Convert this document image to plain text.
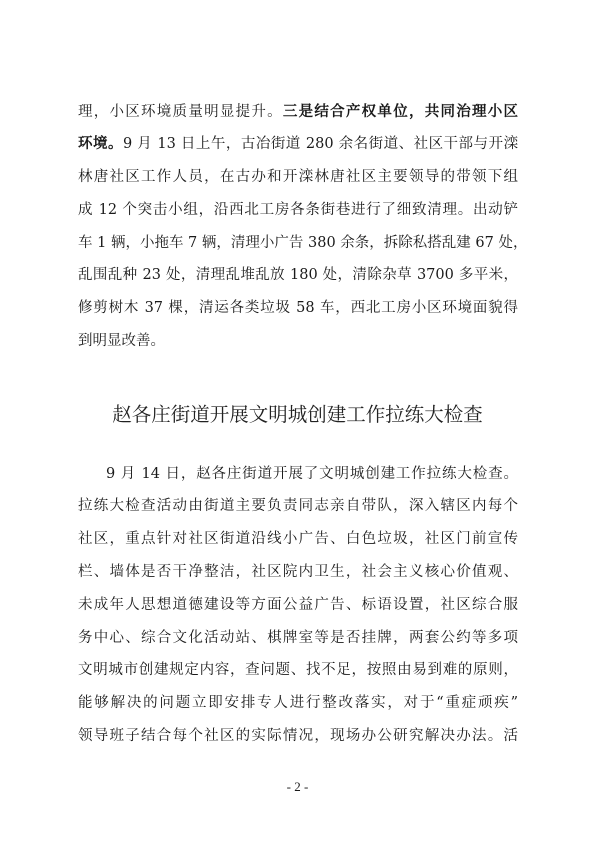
理，小区环境质量明显提升。三是结合产权单位，共同治理小区
环境。9 月 13 日上午，古冶街道 280 余名街道、社区干部与开滦
林唐社区工作人员，在古办和开滦林唐社区主要领导的带领下组
成 12 个突击小组，沿西北工房各条街巷进行了细致清理。出动铲
车 1 辆，小拖车 7 辆，清理小广告 380 余条，拆除私搭乱建 67 处，
乱围乱种 23 处，清理乱堆乱放 180 处，清除杂草 3700 多平米，
修剪树木 37 棵，清运各类垃圾 58 车，西北工房小区环境面貌得
到明显改善。
赵各庄街道开展文明城创建工作拉练大检查
9 月 14 日，赵各庄街道开展了文明城创建工作拉练大检查。
拉练大检查活动由街道主要负责同志亲自带队，深入辖区内每个
社区，重点针对社区街道沿线小广告、白色垃圾，社区门前宣传
栏、墙体是否干净整洁，社区院内卫生，社会主义核心价值观、
未成年人思想道德建设等方面公益广告、标语设置，社区综合服
务中心、综合文化活动站、棋牌室等是否挂牌，两套公约等多项
文明城市创建规定内容，查问题、找不足，按照由易到难的原则，
能够解决的问题立即安排专人进行整改落实，对于“重症顽疾”
领导班子结合每个社区的实际情况，现场办公研究解决办法。活
- 2 -
